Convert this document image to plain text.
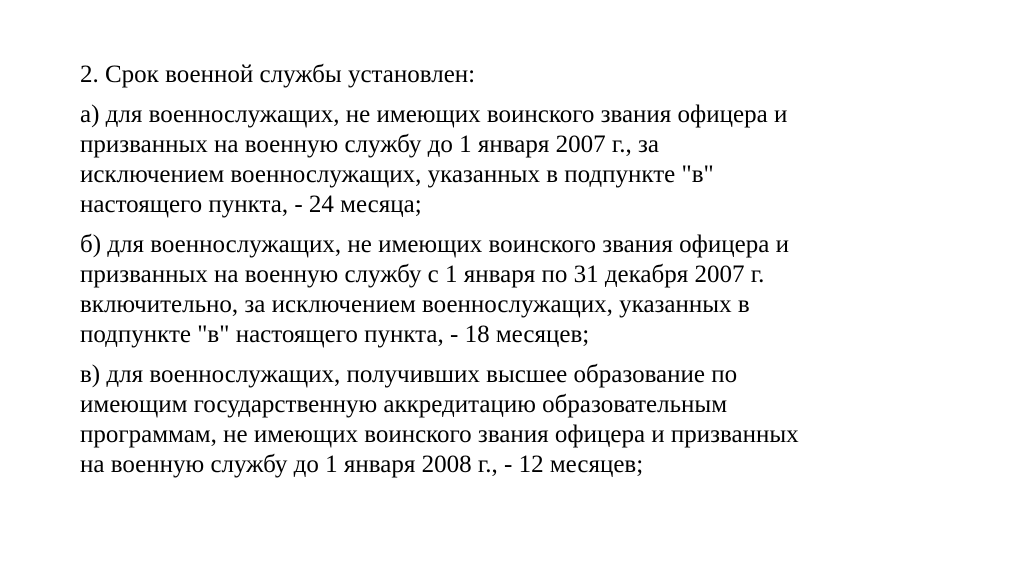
2. Срок военной службы установлен:

а) для военнослужащих, не имеющих воинского звания офицера и
призванных на военную службу до 1 января 2007 г., за
исключением военнослужащих, указанных в подпункте "в"
настоящего пункта, - 24 месяца;

б) для военнослужащих, не имеющих воинского звания офицера и
призванных на военную службу с 1 января по 31 декабря 2007 г.
включительно, за исключением военнослужащих, указанных в
подпункте "в" настоящего пункта, - 18 месяцев;

в) для военнослужащих, получивших высшее образование по
имеющим государственную аккредитацию образовательным
программам, не имеющих воинского звания офицера и призванных
на военную службу до 1 января 2008 г., - 12 месяцев;
